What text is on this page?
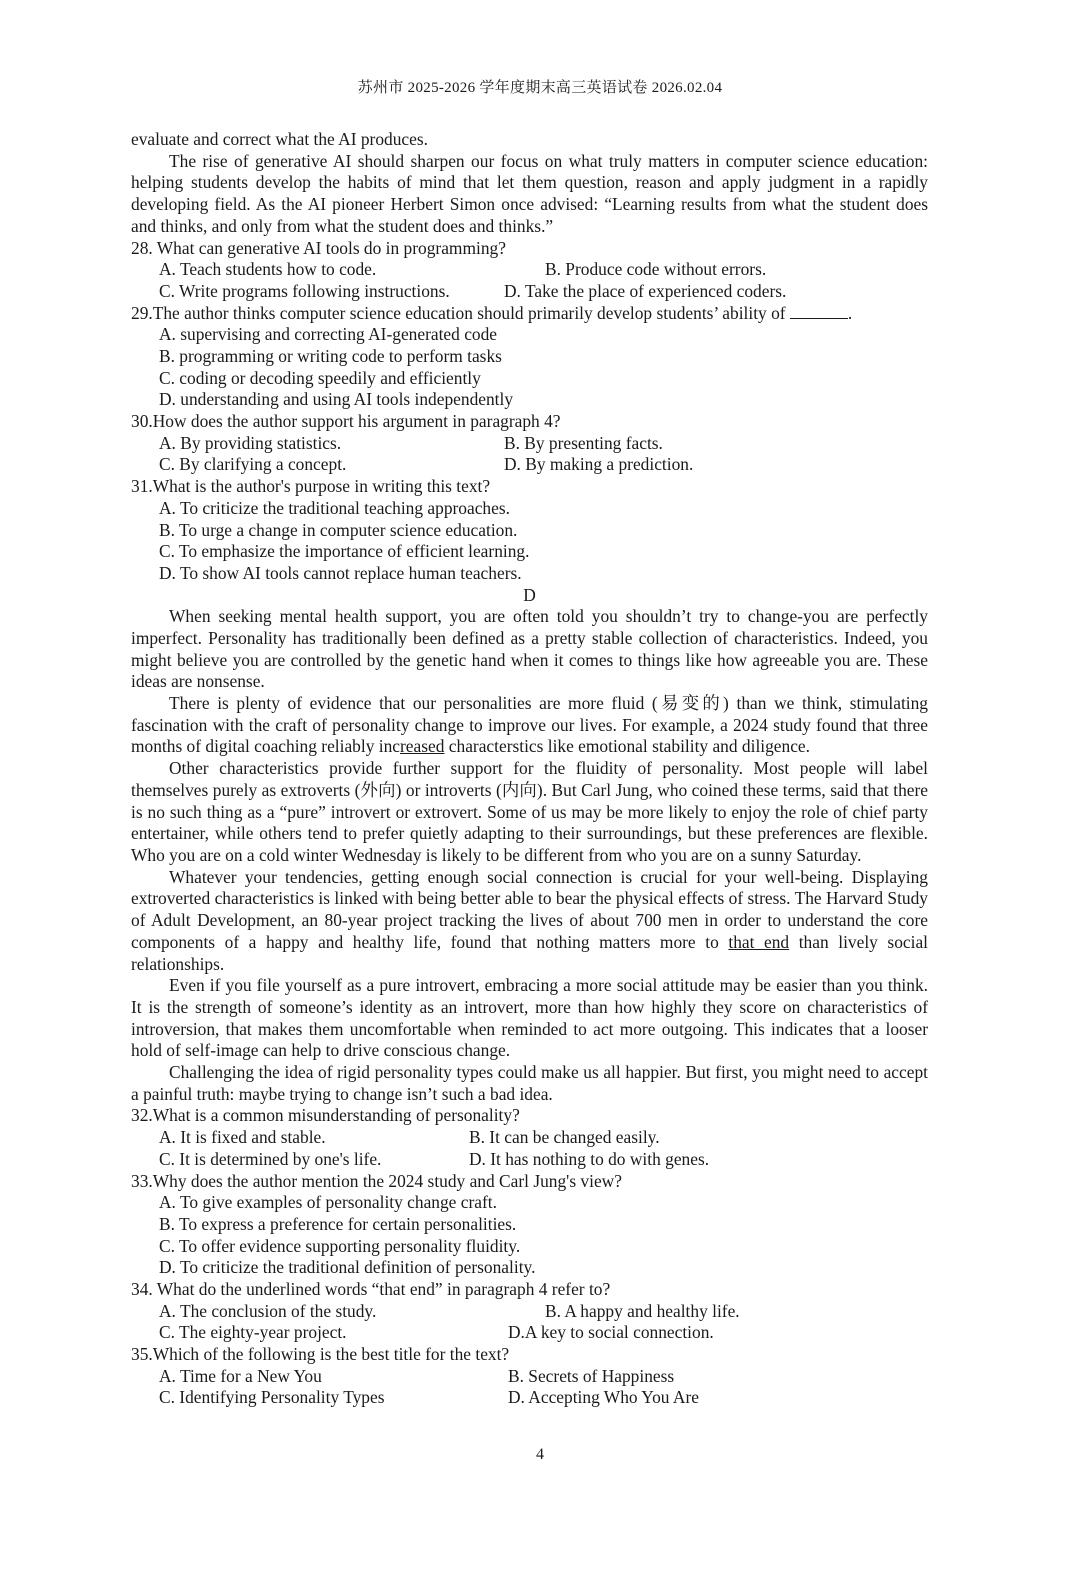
苏州市 2025-2026 学年度期末高三英语试卷 2026.02.04
evaluate and correct what the AI produces.
The rise of generative AI should sharpen our focus on what truly matters in computer science education: helping students develop the habits of mind that let them question, reason and apply judgment in a rapidly developing field. As the AI pioneer Herbert Simon once advised: “Learning results from what the student does and thinks, and only from what the student does and thinks.”
28. What can generative AI tools do in programming?
A. Teach students how to code.	B. Produce code without errors.
C. Write programs following instructions.	D. Take the place of experienced coders.
29.The author thinks computer science education should primarily develop students’ ability of	.
A. supervising and correcting AI-generated code
B. programming or writing code to perform tasks
C. coding or decoding speedily and efficiently
D. understanding and using AI tools independently
30.How does the author support his argument in paragraph 4?
A. By providing statistics.	B. By presenting facts.
C. By clarifying a concept.	D. By making a prediction.
31.What is the author's purpose in writing this text?
A. To criticize the traditional teaching approaches.
B. To urge a change in computer science education.
C. To emphasize the importance of efficient learning.
D. To show AI tools cannot replace human teachers.
D
When seeking mental health support, you are often told you shouldn’t try to change-you are perfectly imperfect. Personality has traditionally been defined as a pretty stable collection of characteristics. Indeed, you might believe you are controlled by the genetic hand when it comes to things like how agreeable you are. These ideas are nonsense.
There is plenty of evidence that our personalities are more fluid (易变的) than we think, stimulating fascination with the craft of personality change to improve our lives. For example, a 2024 study found that three months of digital coaching reliably increased characterstics like emotional stability and diligence.
Other characteristics provide further support for the fluidity of personality. Most people will label themselves purely as extroverts (外向) or introverts (内向). But Carl Jung, who coined these terms, said that there is no such thing as a “pure” introvert or extrovert. Some of us may be more likely to enjoy the role of chief party entertainer, while others tend to prefer quietly adapting to their surroundings, but these preferences are flexible. Who you are on a cold winter Wednesday is likely to be different from who you are on a sunny Saturday.
Whatever your tendencies, getting enough social connection is crucial for your well-being. Displaying extroverted characteristics is linked with being better able to bear the physical effects of stress. The Harvard Study of Adult Development, an 80-year project tracking the lives of about 700 men in order to understand the core components of a happy and healthy life, found that nothing matters more to that end than lively social relationships.
Even if you file yourself as a pure introvert, embracing a more social attitude may be easier than you think. It is the strength of someone’s identity as an introvert, more than how highly they score on characteristics of introversion, that makes them uncomfortable when reminded to act more outgoing. This indicates that a looser hold of self-image can help to drive conscious change.
Challenging the idea of rigid personality types could make us all happier. But first, you might need to accept a painful truth: maybe trying to change isn’t such a bad idea.
32.What is a common misunderstanding of personality?
A. It is fixed and stable.	B. It can be changed easily.
C. It is determined by one's life.	D. It has nothing to do with genes.
33.Why does the author mention the 2024 study and Carl Jung's view?
A. To give examples of personality change craft.
B. To express a preference for certain personalities.
C. To offer evidence supporting personality fluidity.
D. To criticize the traditional definition of personality.
34. What do the underlined words “that end” in paragraph 4 refer to?
A. The conclusion of the study.	B. A happy and healthy life.
C. The eighty-year project.	D.A key to social connection.
35.Which of the following is the best title for the text?
A. Time for a New You	B. Secrets of Happiness
C. Identifying Personality Types	D. Accepting Who You Are
4
